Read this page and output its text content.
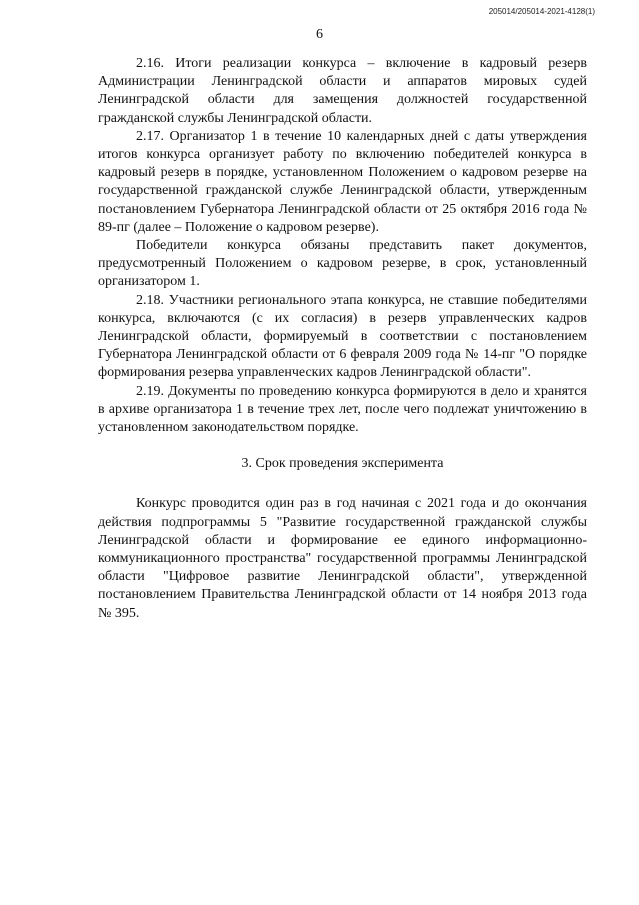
205014/205014-2021-4128(1)
6

2.16. Итоги реализации конкурса – включение в кадровый резерв Администрации Ленинградской области и аппаратов мировых судей Ленинградской области для замещения должностей государственной гражданской службы Ленинградской области.

2.17. Организатор 1 в течение 10 календарных дней с даты утверждения итогов конкурса организует работу по включению победителей конкурса в кадровый резерв в порядке, установленном Положением о кадровом резерве на государственной гражданской службе Ленинградской области, утвержденным постановлением Губернатора Ленинградской области от 25 октября 2016 года № 89-пг (далее – Положение о кадровом резерве).

Победители конкурса обязаны представить пакет документов, предусмотренный Положением о кадровом резерве, в срок, установленный организатором 1.

2.18. Участники регионального этапа конкурса, не ставшие победителями конкурса, включаются (с их согласия) в резерв управленческих кадров Ленинградской области, формируемый в соответствии с постановлением Губернатора Ленинградской области от 6 февраля 2009 года № 14-пг "О порядке формирования резерва управленческих кадров Ленинградской области".

2.19. Документы по проведению конкурса формируются в дело и хранятся в архиве организатора 1 в течение трех лет, после чего подлежат уничтожению в установленном законодательством порядке.

3. Срок проведения эксперимента

Конкурс проводится один раз в год начиная с 2021 года и до окончания действия подпрограммы 5 "Развитие государственной гражданской службы Ленинградской области и формирование ее единого информационно-коммуникационного пространства" государственной программы Ленинградской области "Цифровое развитие Ленинградской области", утвержденной постановлением Правительства Ленинградской области от 14 ноября 2013 года № 395.
